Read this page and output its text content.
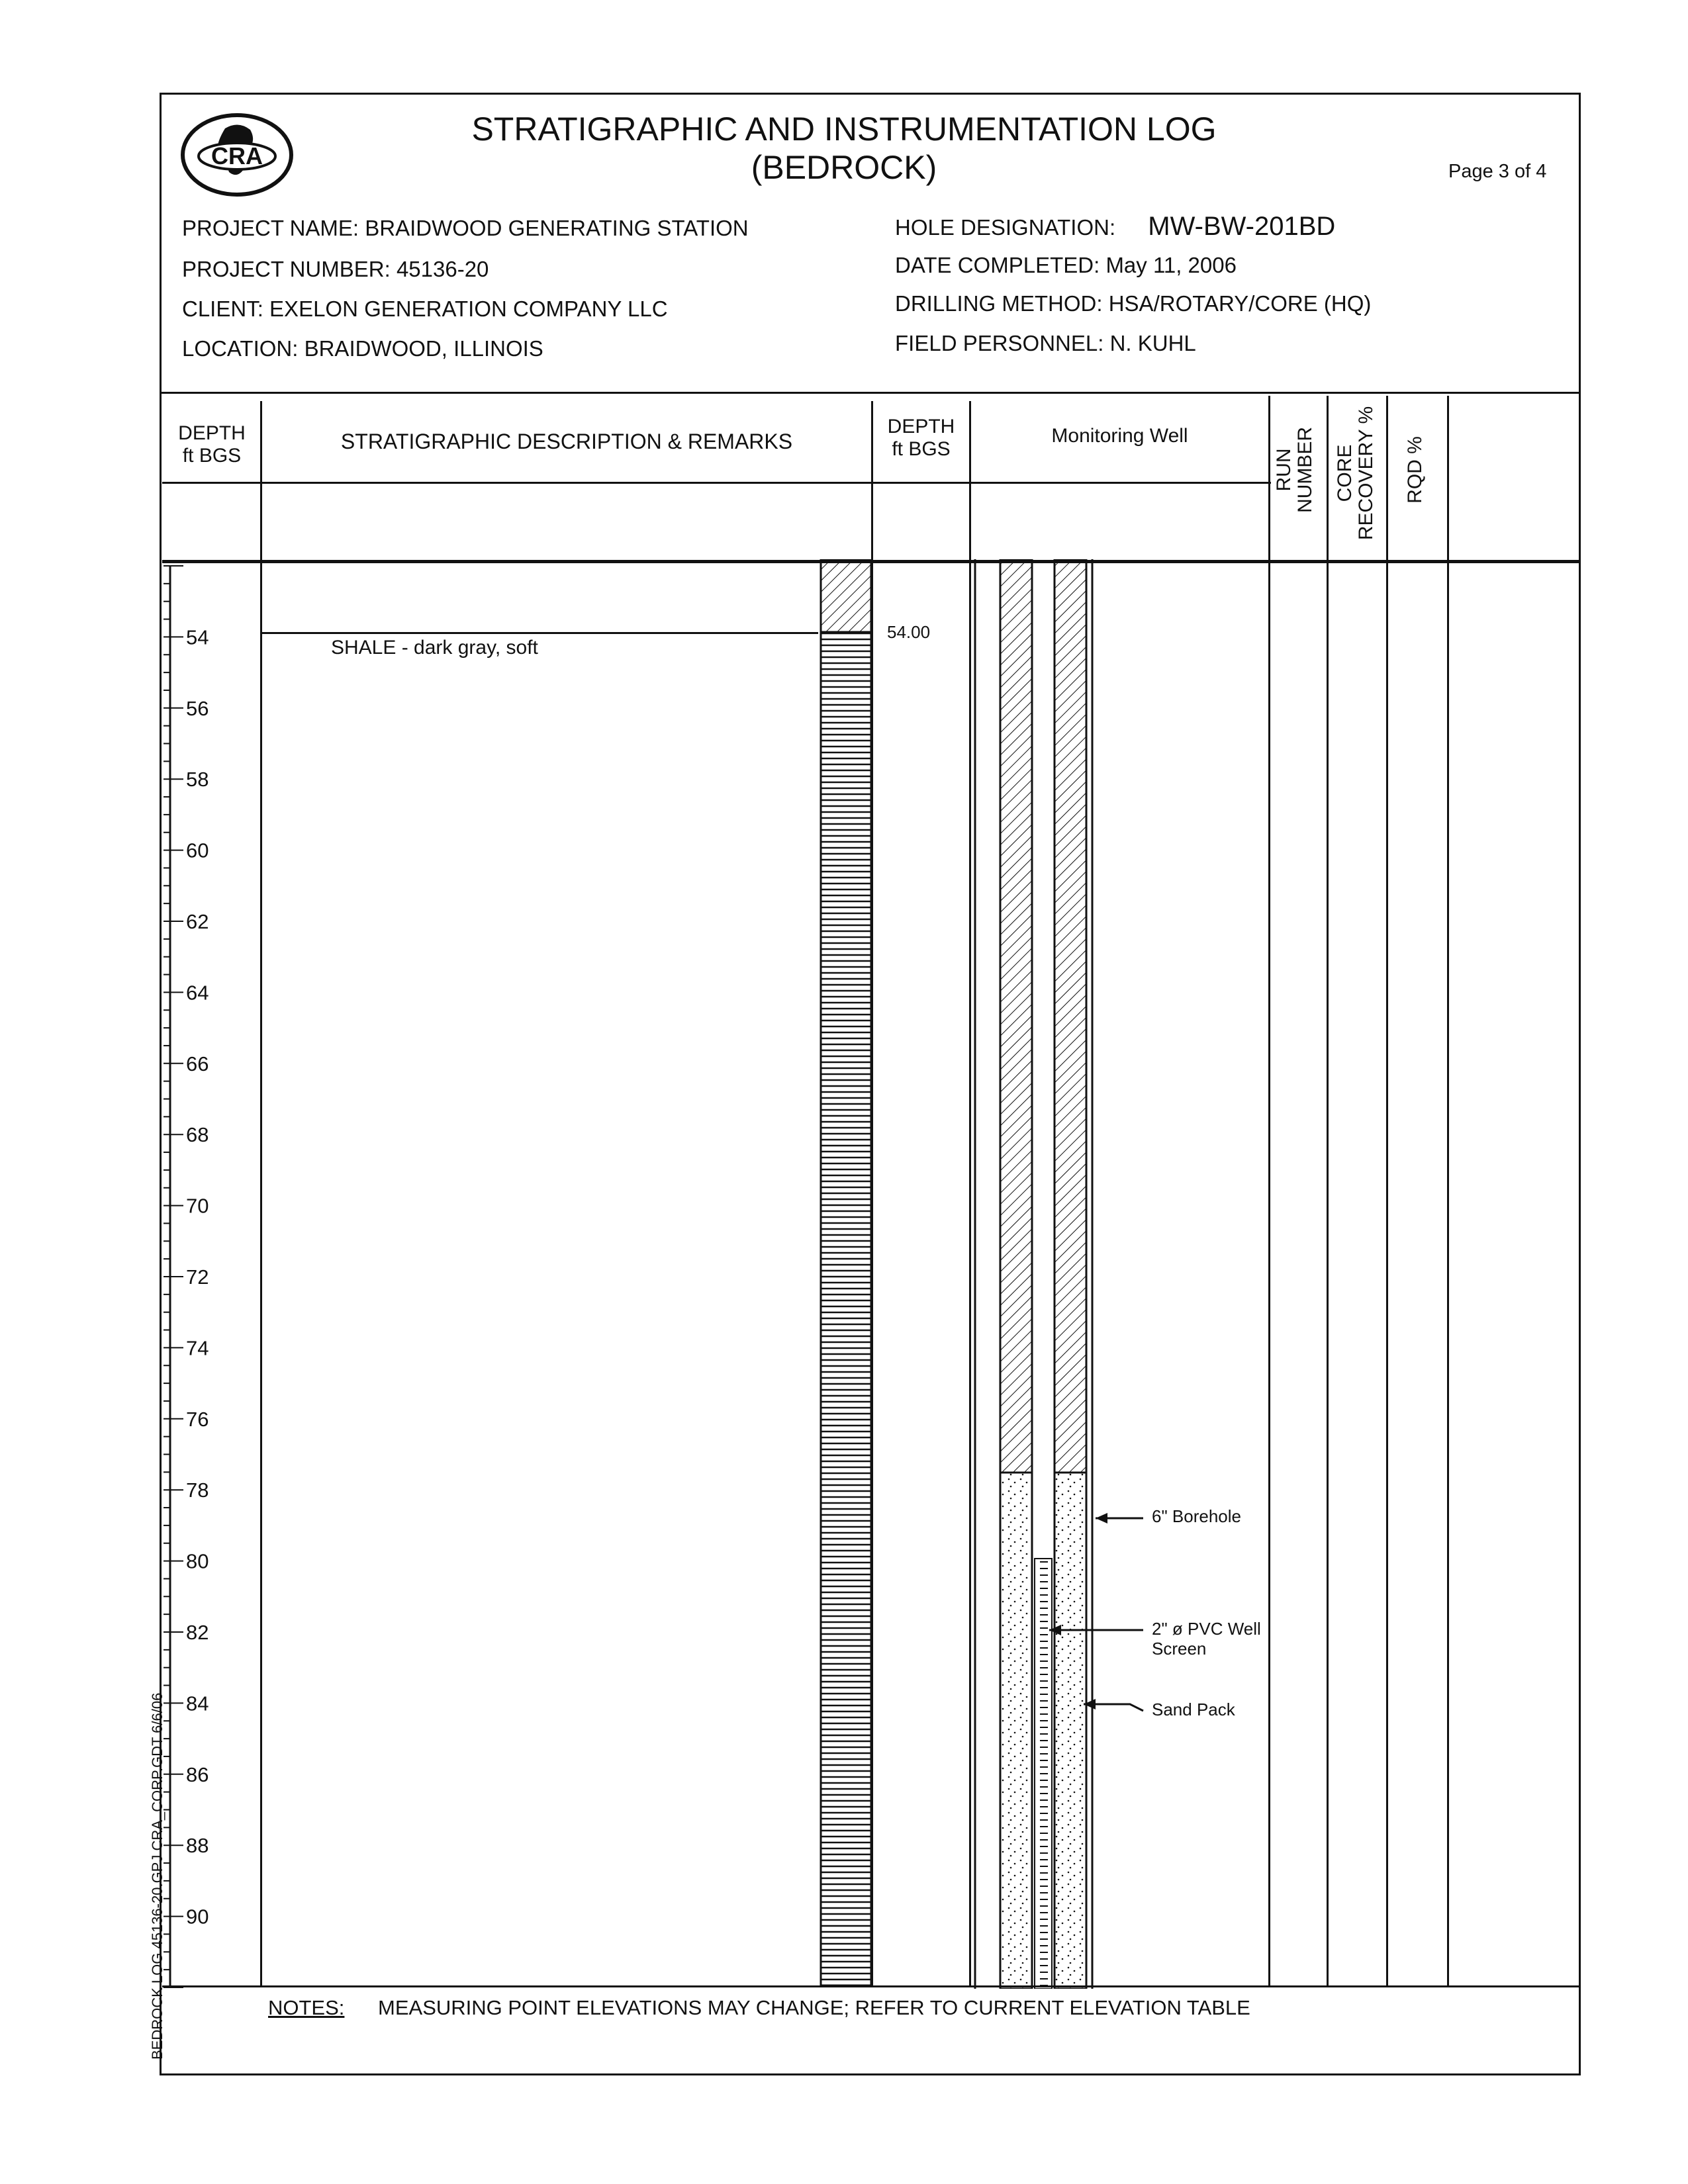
CRA
STRATIGRAPHIC AND INSTRUMENTATION LOG
(BEDROCK)	Page 3 of 4
PROJECT NAME: BRAIDWOOD GENERATING STATION
PROJECT NUMBER: 45136-20
CLIENT: EXELON GENERATION COMPANY LLC
LOCATION: BRAIDWOOD, ILLINOIS
HOLE DESIGNATION: MW-BW-201BD
DATE COMPLETED: May 11, 2006
DRILLING METHOD: HSA/ROTARY/CORE (HQ)
FIELD PERSONNEL: N. KUHL
DEPTH
ft BGS
STRATIGRAPHIC DESCRIPTION & REMARKS
DEPTH
ft BGS
Monitoring Well
RUN NUMBER CORE RECOVERY % RQD %
54
56
58
60
62
64
66
68
70
72
74
76
78
80
82
84
86
88
90
SHALE - dark gray, soft
54.00
6" Borehole
2" ø PVC Well
Screen
Sand Pack
NOTES: MEASURING POINT ELEVATIONS MAY CHANGE; REFER TO CURRENT ELEVATION TABLE
BEDROCK LOG 45136-20.GPJ CRA_CORP.GDT 6/6/06
